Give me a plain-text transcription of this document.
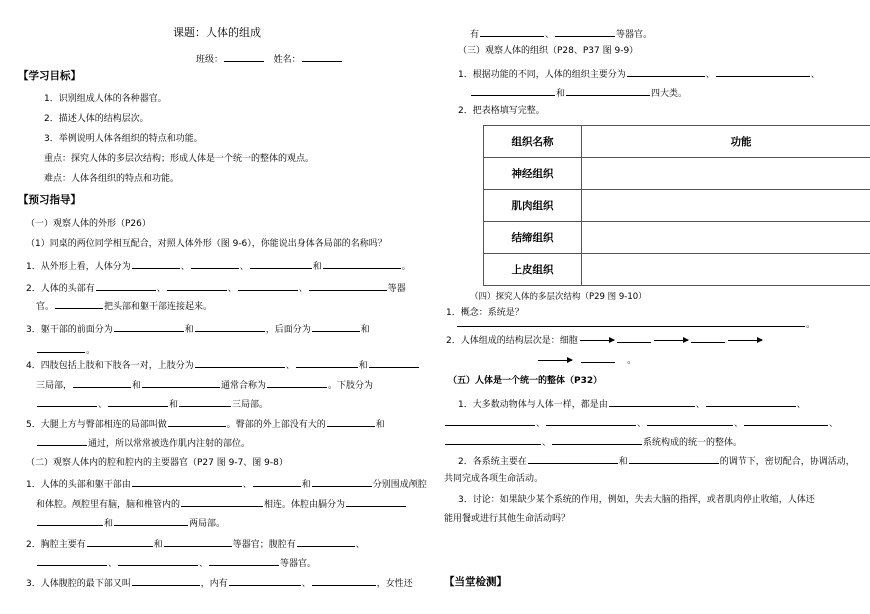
课题：人体的组成
班级：	姓名：
【学习目标】
1．识别组成人体的各种器官。
2．描述人体的结构层次。
3．举例说明人体各组织的特点和功能。
重点：探究人体的多层次结构；形成人体是一个统一的整体的观点。
难点：人体各组织的特点和功能。
【预习指导】
（一）观察人体的外形（P26）
（1）同桌的两位同学相互配合，对照人体外形（图 9-6），你能说出身体各局部的名称吗？
1．从外形上看，人体分为	、	、	和	。
2．人体的头部有	、	、	、	等器
官。	把头部和躯干部连接起来。
3．躯干部的前面分为	和	，后面分为	和
。
4．四肢包括上肢和下肢各一对，上肢分为	、	和
三局部，	和	通常合称为	。下肢分为
、	和	三局部。
5．大腿上方与臀部相连的局部叫做	。臀部的外上部没有大的	和
通过，所以常常被选作肌内注射的部位。
（二）观察人体内的腔和腔内的主要器官（P27 图 9-7、图 9-8）
1．人体的头部和躯干部由	、	和	分别围成颅腔
和体腔。颅腔里有脑，脑和椎管内的	相连。体腔由膈分为
和	两局部。
2．胸腔主要有	和	等器官；腹腔有	、
、	、	等器官。
3．人体腹腔的最下部又叫	，内有	、	，女性还
有	、	等器官。
（三）观察人体的组织（P28、P37 图 9-9）
1．根据功能的不同，人体的组织主要分为	、	、
和	四大类。
2．把表格填写完整。
组织名称	功能
神经组织	
肌肉组织	
结缔组织	
上皮组织	
（四）探究人体的多层次结构（P29 图 9-10）
1．概念：系统是？
。
2．人体组成的结构层次是：细胞
。
（五）人体是一个统一的整体（P32）
1．大多数动物体与人体一样，都是由	、	、
、	、	、	、
、	系统构成的统一的整体。
2．各系统主要在	和	的调节下，密切配合，协调活动，
共同完成各项生命活动。
3．讨论：如果缺少某个系统的作用，例如，失去大脑的指挥，或者肌肉停止收缩，人体还
能用餐或进行其他生命活动吗？
【当堂检测】
